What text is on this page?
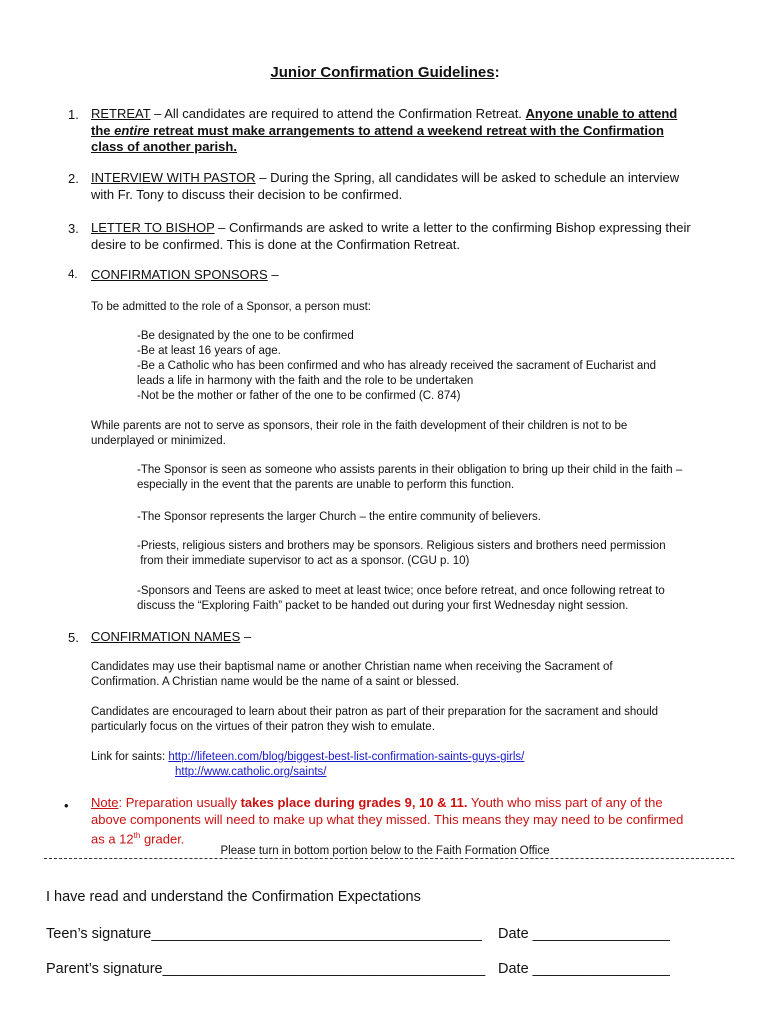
Junior Confirmation Guidelines:
1. RETREAT – All candidates are required to attend the Confirmation Retreat. Anyone unable to attend
the entire retreat must make arrangements to attend a weekend retreat with the Confirmation
class of another parish.
2. INTERVIEW WITH PASTOR – During the Spring, all candidates will be asked to schedule an interview
with Fr. Tony to discuss their decision to be confirmed.
3. LETTER TO BISHOP – Confirmands are asked to write a letter to the confirming Bishop expressing their
desire to be confirmed. This is done at the Confirmation Retreat.
4. CONFIRMATION SPONSORS –
To be admitted to the role of a Sponsor, a person must:
-Be designated by the one to be confirmed
-Be at least 16 years of age.
-Be a Catholic who has been confirmed and who has already received the sacrament of Eucharist and
leads a life in harmony with the faith and the role to be undertaken
-Not be the mother or father of the one to be confirmed (C. 874)
While parents are not to serve as sponsors, their role in the faith development of their children is not to be
underplayed or minimized.
-The Sponsor is seen as someone who assists parents in their obligation to bring up their child in the faith –
especially in the event that the parents are unable to perform this function.
-The Sponsor represents the larger Church – the entire community of believers.
-Priests, religious sisters and brothers may be sponsors. Religious sisters and brothers need permission
from their immediate supervisor to act as a sponsor. (CGU p. 10)
-Sponsors and Teens are asked to meet at least twice; once before retreat, and once following retreat to
discuss the “Exploring Faith” packet to be handed out during your first Wednesday night session.
5. CONFIRMATION NAMES –
Candidates may use their baptismal name or another Christian name when receiving the Sacrament of
Confirmation. A Christian name would be the name of a saint or blessed.
Candidates are encouraged to learn about their patron as part of their preparation for the sacrament and should
particularly focus on the virtues of their patron they wish to emulate.
Link for saints: http://lifeteen.com/blog/biggest-best-list-confirmation-saints-guys-girls/
http://www.catholic.org/saints/
• Note: Preparation usually takes place during grades 9, 10 & 11. Youth who miss part of any of the
above components will need to make up what they missed. This means they may need to be confirmed
as a 12th grader.
Please turn in bottom portion below to the Faith Formation Office
I have read and understand the Confirmation Expectations
Teen’s signature_________________________________________ Date _________________
Parent’s signature________________________________________ Date _________________
